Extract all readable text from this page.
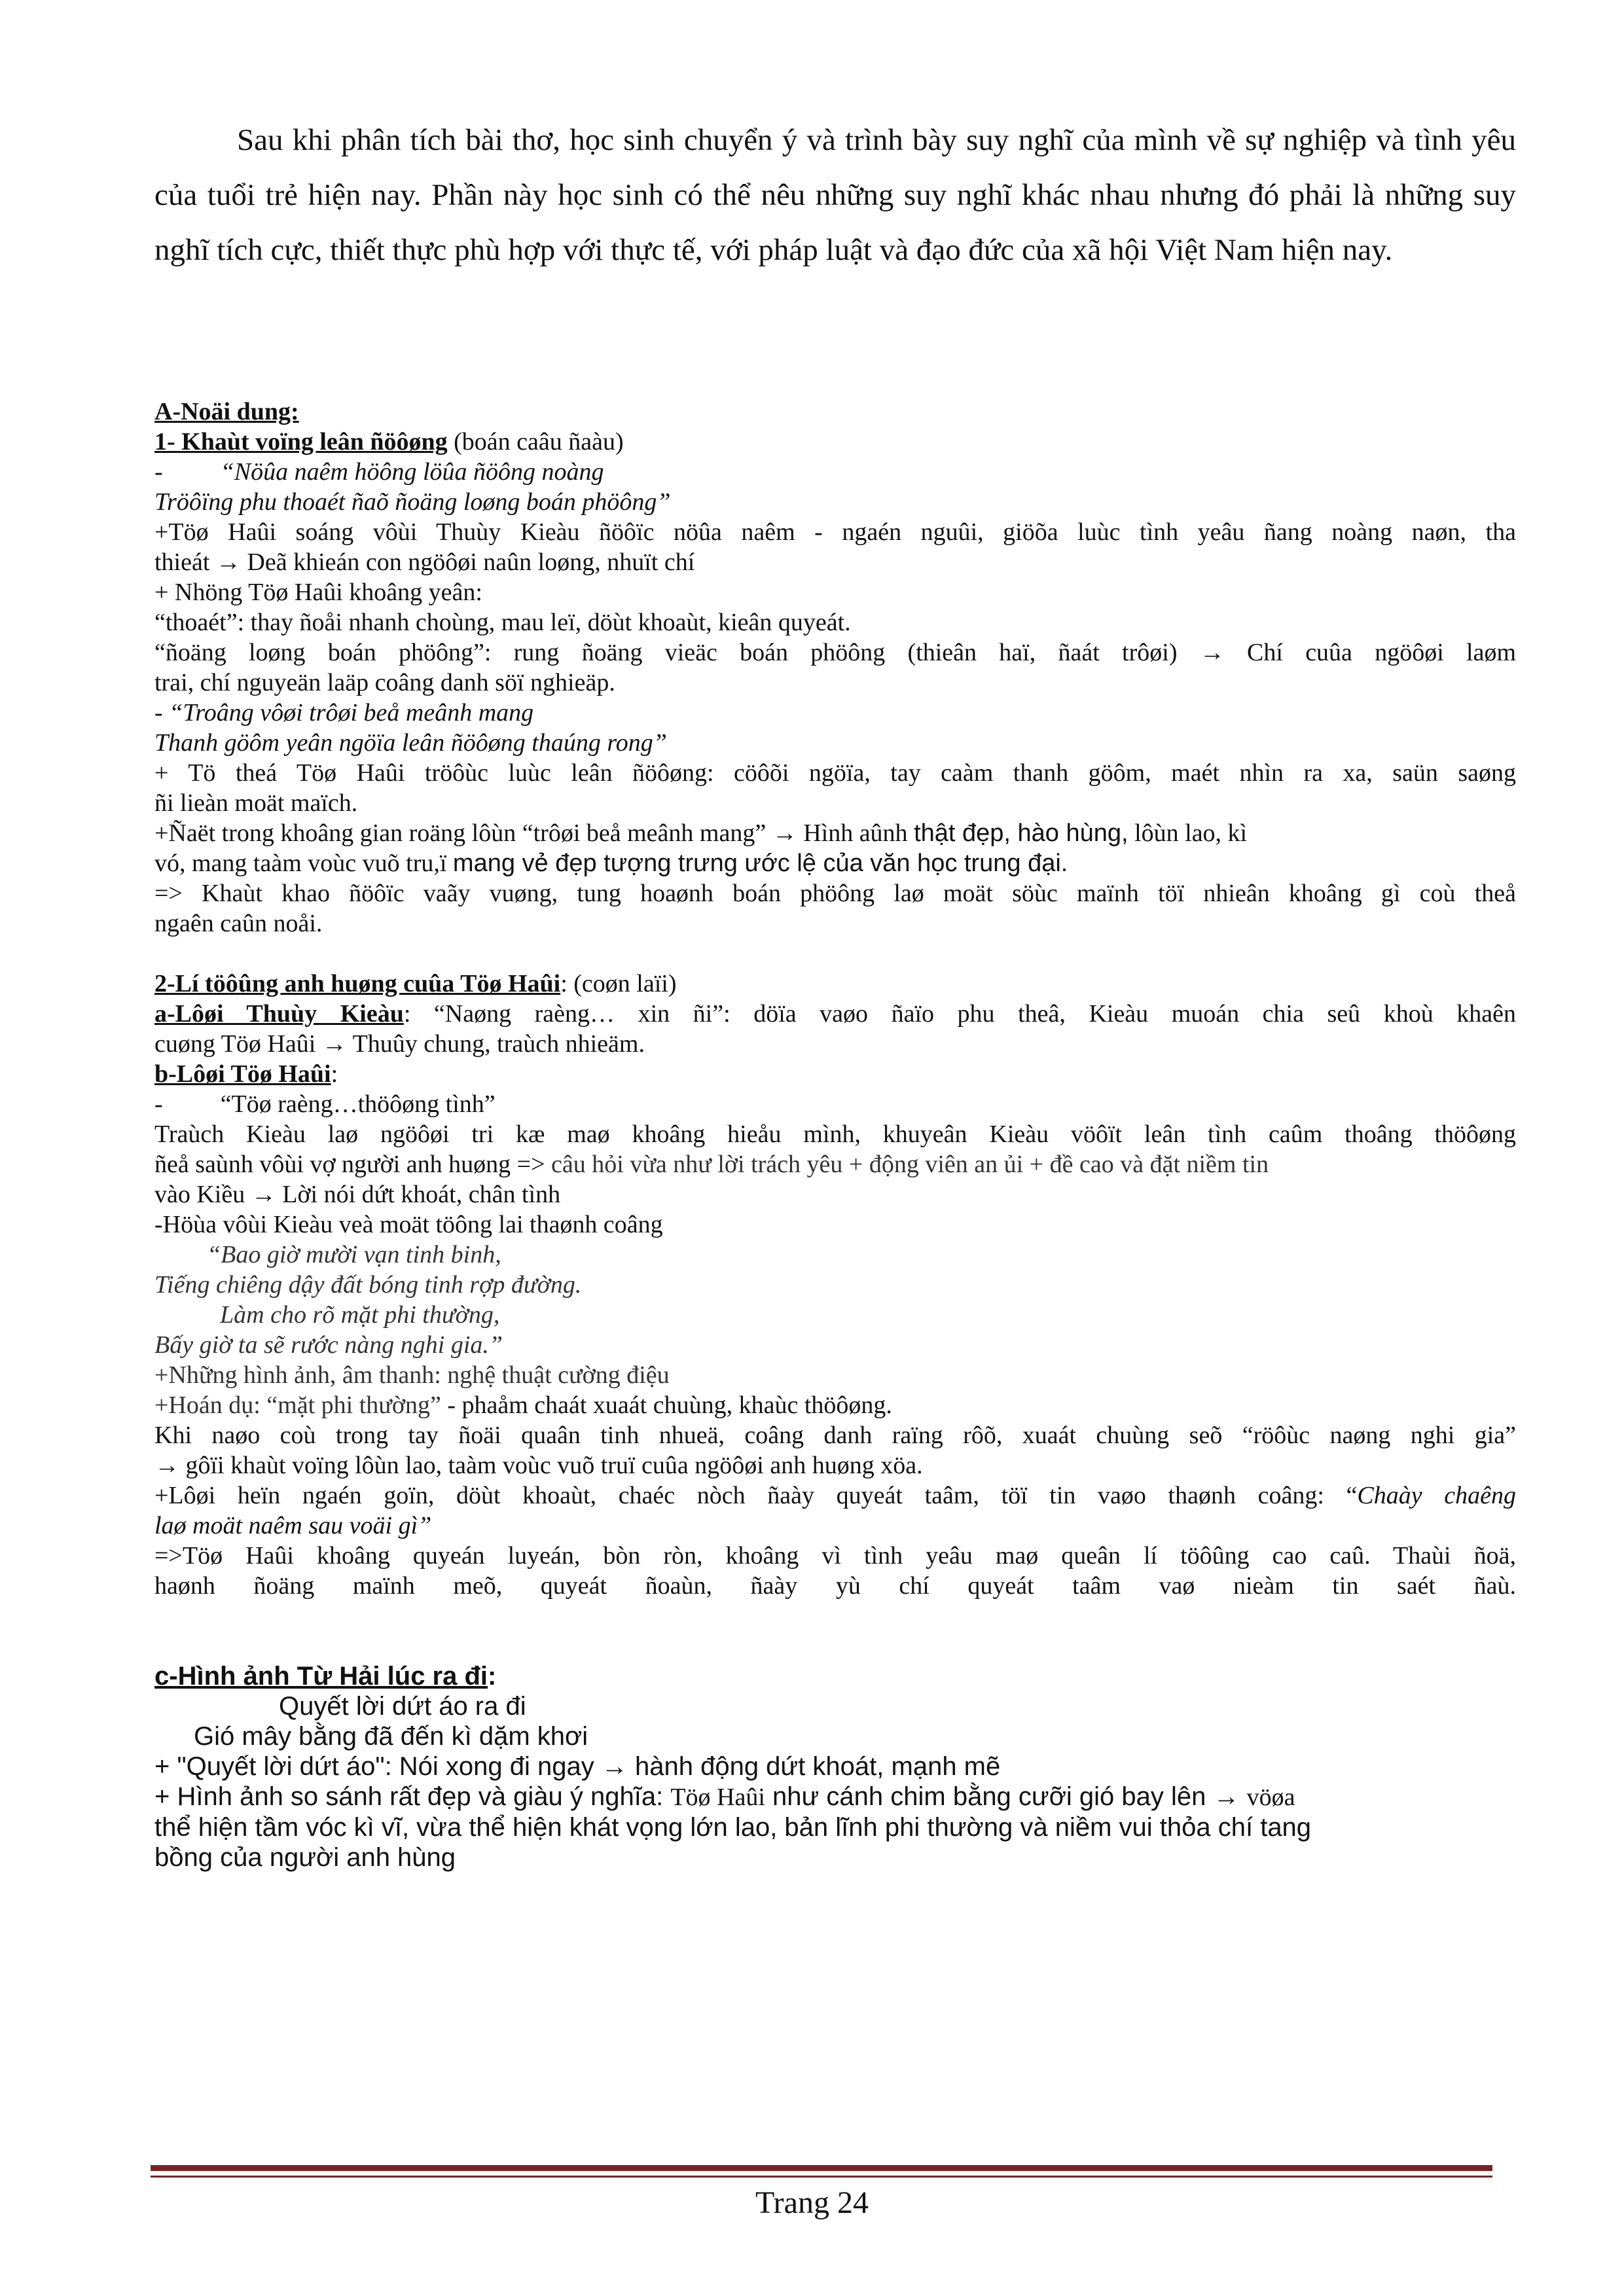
Sau khi phân tích bài thơ, học sinh chuyển ý và trình bày suy nghĩ của mình về sự nghiệp và tình yêu của tuổi trẻ hiện nay. Phần này học sinh có thể nêu những suy nghĩ khác nhau nhưng đó phải là những suy nghĩ tích cực, thiết thực phù hợp với thực tế, với pháp luật và đạo đức của xã hội Việt Nam hiện nay.

A-Noäi dung:
1- Khaùt voïng leân ñöôøng (boán caâu ñaàu)
- “Nöûa naêm höông löûa ñöông noàng
Tröôïng phu thoaét ñaõ ñoäng loøng boán phöông”
+Töø Haûi soáng vôùi Thuùy Kieàu ñöôïc nöûa naêm - ngaén nguûi, giöõa luùc tình yeâu ñang noàng naøn, tha
thieát → Deã khieán con ngöôøi naûn loøng, nhuït chí
+ Nhöng Töø Haûi khoâng yeân:
“thoaét”: thay ñoåi nhanh choùng, mau leï, döùt khoaùt, kieân quyeát.
“ñoäng loøng boán phöông”: rung ñoäng vieäc boán phöông (thieân haï, ñaát trôøi) → Chí cuûa ngöôøi laøm
trai, chí nguyeän laäp coâng danh söï nghieäp.
- “Troâng vôøi trôøi beå meânh mang
Thanh göôm yeân ngöïa leân ñöôøng thaúng rong”
+ Tö theá Töø Haûi tröôùc luùc leân ñöôøng: cöôõi ngöïa, tay caàm thanh göôm, maét nhìn ra xa, saün saøng
ñi lieàn moät maïch.
+Ñaët trong khoâng gian roäng lôùn “trôøi beå meânh mang” → Hình aûnh thật đẹp, hào hùng, lôùn lao, kì
vó, mang taàm voùc vuõ tru,ï mang vẻ đẹp tượng trưng ước lệ của văn học trung đại.
=> Khaùt khao ñöôïc vaãy vuøng, tung hoaønh boán phöông laø moät söùc maïnh töï nhieân khoâng gì coù theå
ngaên caûn noåi.
2-Lí töôûng anh huøng cuûa Töø Haûi: (coøn laïi)
a-Lôøi Thuùy Kieàu: “Naøng raèng… xin ñi”: döïa vaøo ñaïo phu theâ, Kieàu muoán chia seû khoù khaên
cuøng Töø Haûi → Thuûy chung, traùch nhieäm.
b-Lôøi Töø Haûi:
- “Töø raèng…thöôøng tình”
Traùch Kieàu laø ngöôøi tri kæ maø khoâng hieåu mình, khuyeân Kieàu vöôït leân tình caûm thoâng thöôøng
ñeå saùnh vôùi vợ người anh huøng => câu hỏi vừa như lời trách yêu + động viên an ủi + đề cao và đặt niềm tin
vào Kiều → Lời nói dứt khoát, chân tình
-Höùa vôùi Kieàu veà moät töông lai thaønh coâng
“Bao giờ mười vạn tinh binh,
Tiếng chiêng dậy đất bóng tinh rợp đường.
Làm cho rõ mặt phi thường,
Bấy giờ ta sẽ rước nàng nghi gia.”
+Những hình ảnh, âm thanh: nghệ thuật cường điệu
+Hoán dụ: “mặt phi thường” - phaåm chaát xuaát chuùng, khaùc thöôøng.
Khi naøo coù trong tay ñoäi quaân tinh nhueä, coâng danh raïng rôõ, xuaát chuùng seõ “röôùc naøng nghi gia”
→ gôïi khaùt voïng lôùn lao, taàm voùc vuõ truï cuûa ngöôøi anh huøng xöa.
+Lôøi heïn ngaén goïn, döùt khoaùt, chaéc nòch ñaày quyeát taâm, töï tin vaøo thaønh coâng: “Chaày chaêng
laø moät naêm sau voäi gì”
=>Töø Haûi khoâng quyeán luyeán, bòn ròn, khoâng vì tình yeâu maø queân lí töôûng cao caû. Thaùi ñoä,
haønh ñoäng maïnh meõ, quyeát ñoaùn, ñaày yù chí quyeát taâm vaø nieàm tin saét ñaù.
c-Hình ảnh Từ Hải lúc ra đi:
Quyết lời dứt áo ra đi
Gió mây bằng đã đến kì dặm khơi
+ "Quyết lời dứt áo": Nói xong đi ngay → hành động dứt khoát, mạnh mẽ
+ Hình ảnh so sánh rất đẹp và giàu ý nghĩa: Töø Haûi như cánh chim bằng cưỡi gió bay lên → vöøa
thể hiện tầm vóc kì vĩ, vừa thể hiện khát vọng lớn lao, bản lĩnh phi thường và niềm vui thỏa chí tang
bồng của người anh hùng
Trang 24
